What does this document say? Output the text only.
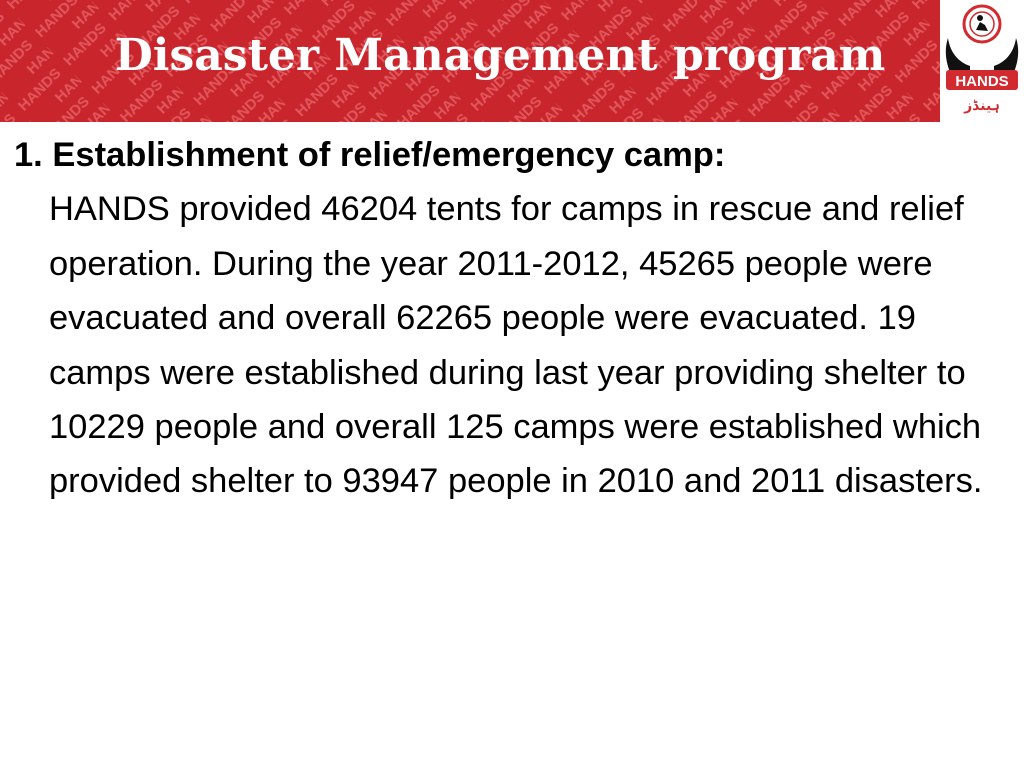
Disaster Management program
HANDS
ہینڈز
1. Establishment of relief/emergency camp:
HANDS provided 46204 tents for camps in rescue and relief operation. During the year 2011-2012, 45265 people were evacuated and overall 62265 people were evacuated. 19 camps were established during last year providing shelter to 10229 people and overall 125 camps were established which provided shelter to 93947 people in 2010 and 2011 disasters.
